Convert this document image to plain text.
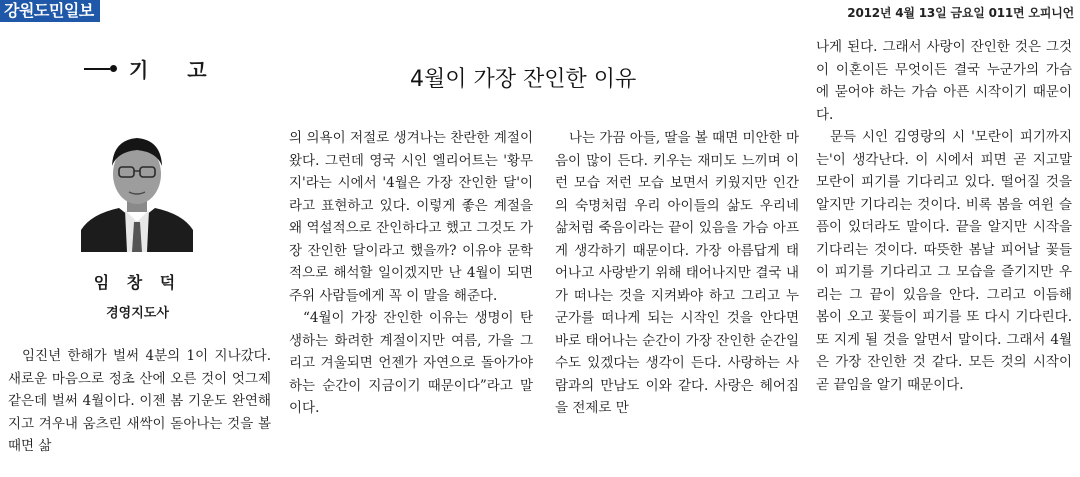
강원도민일보	2012년 4월 13일 금요일 011면 오피니언
기 고	4월이 가장 잔인한 이유
임 창 덕
경영지도사

임진년 한해가 벌써 4분의 1이 지나갔다. 새로운 마음으로 정초 산에 오른 것이 엇그제 같은데 벌써 4월이다. 이젠 봄 기운도 완연해지고 겨우내 움츠린 새싹이 돋아나는 것을 볼 때면 삶

의 의욕이 저절로 생겨나는 찬란한 계절이 왔다. 그런데 영국 시인 엘리어트는 '황무지'라는 시에서 '4월은 가장 잔인한 달'이라고 표현하고 있다. 이렇게 좋은 계절을 왜 역설적으로 잔인하다고 했고 그것도 가장 잔인한 달이라고 했을까? 이유야 문학적으로 해석할 일이겠지만 난 4월이 되면 주위 사람들에게 꼭 이 말을 해준다.

“4월이 가장 잔인한 이유는 생명이 탄생하는 화려한 계절이지만 여름, 가을 그리고 겨울되면 언젠가 자연으로 돌아가야 하는 순간이 지금이기 때문이다”라고 말이다.

나는 가끔 아들, 딸을 볼 때면 미안한 마음이 많이 든다. 키우는 재미도 느끼며 이런 모습 저런 모습 보면서 키웠지만 인간의 숙명처럼 우리 아이들의 삶도 우리네 삶처럼 죽음이라는 끝이 있음을 가슴 아프게 생각하기 때문이다. 가장 아름답게 태어나고 사랑받기 위해 태어나지만 결국 내가 떠나는 것을 지켜봐야 하고 그리고 누군가를 떠나게 되는 시작인 것을 안다면 바로 태어나는 순간이 가장 잔인한 순간일 수도 있겠다는 생각이 든다. 사랑하는 사람과의 만남도 이와 같다. 사랑은 헤어짐을 전제로 만

나게 된다. 그래서 사랑이 잔인한 것은 그것이 이혼이든 무엇이든 결국 누군가의 가슴에 묻어야 하는 가슴 아픈 시작이기 때문이다.

문득 시인 김영랑의 시 '모란이 피기까지는'이 생각난다. 이 시에서 피면 곧 지고말 모란이 피기를 기다리고 있다. 떨어질 것을 알지만 기다리는 것이다. 비록 봄을 여윈 슬픔이 있더라도 말이다. 끝을 알지만 시작을 기다리는 것이다. 따뜻한 봄날 피어날 꽃들이 피기를 기다리고 그 모습을 즐기지만 우리는 그 끝이 있음을 안다. 그리고 이듬해 봄이 오고 꽃들이 피기를 또 다시 기다린다. 또 지게 될 것을 알면서 말이다. 그래서 4월은 가장 잔인한 것 같다. 모든 것의 시작이 곧 끝임을 알기 때문이다.
